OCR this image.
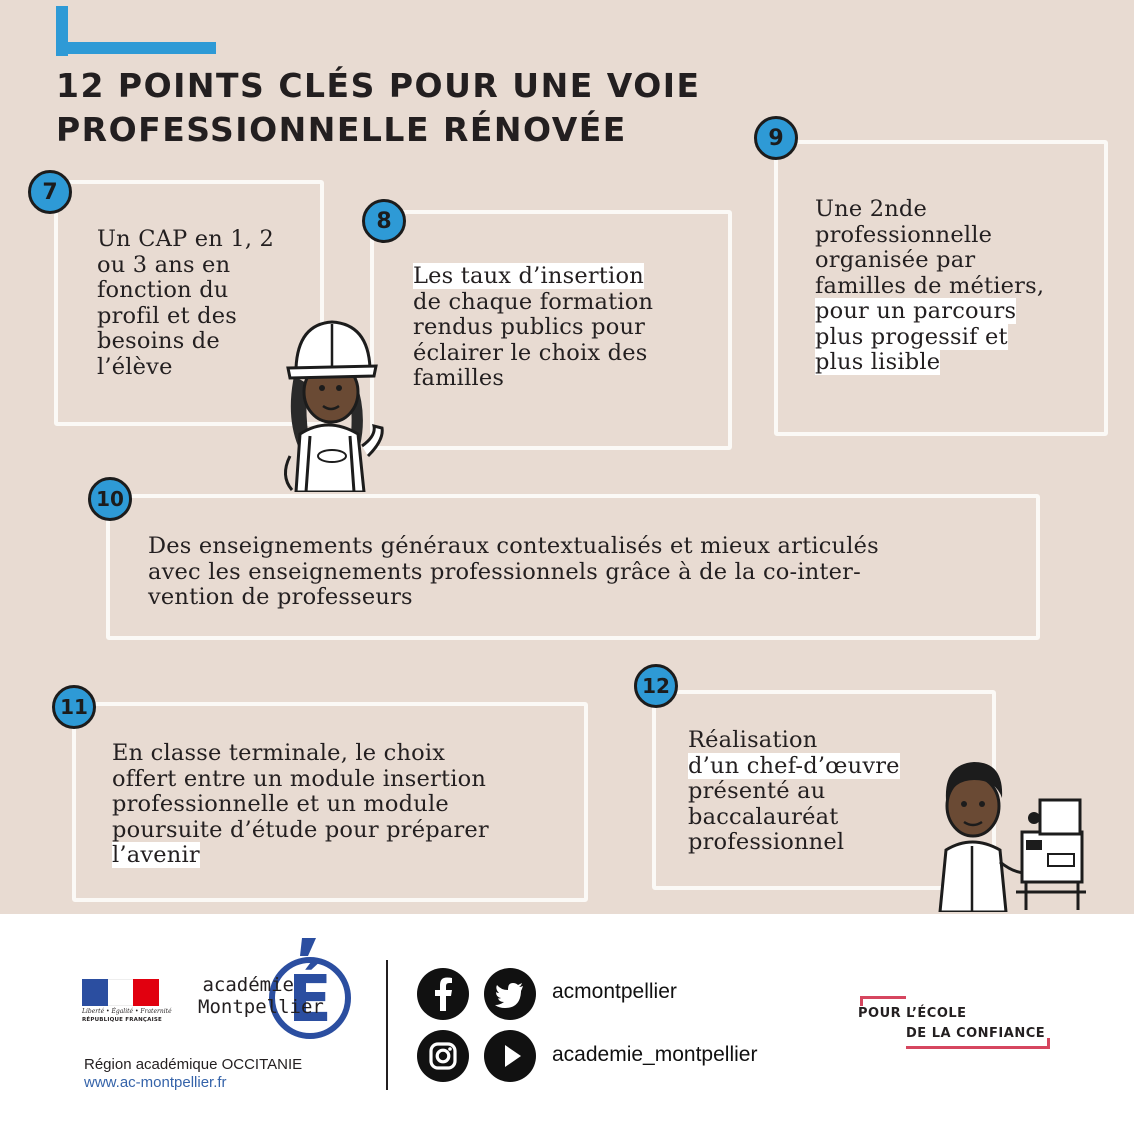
12 POINTS CLÉS POUR UNE VOIE
PROFESSIONNELLE RÉNOVÉE
Un CAP en 1, 2
ou 3 ans en
fonction du
profil et des
besoins de
l’élève
7
Les taux d’insertion
de chaque formation
rendus publics pour
éclairer le choix des
familles
8	Une 2nde
professionnelle
organisée par
familles de métiers,
pour un parcours
plus progessif et
plus lisible
9
Des enseignements généraux contextualisés et mieux articulés
avec les enseignements professionnels grâce à de la co-inter-
vention de professeurs
10
En classe terminale, le choix
offert entre un module insertion
professionnelle et un module
poursuite d’étude pour préparer
l’avenir
11
Réalisation
d’un chef-d’œuvre
présenté au
baccalauréat
professionnel
12
Liberté • Égalité • Fraternité
RÉPUBLIQUE FRANÇAISE É
académie
Montpellier
Région académique OCCITANIE
www.ac-montpellier.fr
acmontpellier
academie_montpellier
POUR L’ÉCOLE
DE LA CONFIANCE
